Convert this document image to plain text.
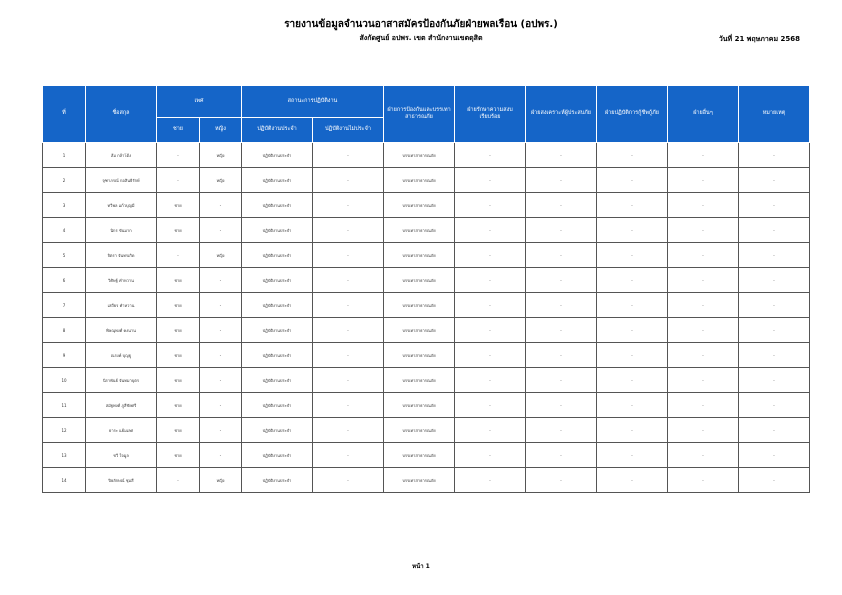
รายงานข้อมูลจำนวนอาสาสมัครป้องกันภัยฝ่ายพลเรือน (อปพร.)
สังกัดศูนย์ อปพร. เขต สำนักงานเขตดุสิต	วันที่ 21 พฤษภาคม 2568
ที่	ชื่อสกุล	เพศ		สถานะการปฏิบัติงาน		ฝ่ายการป้องกันและบรรเทาสาธารณภัย	ฝ่ายรักษาความสงบเรียบร้อย	ฝ่ายสงเคราะห์ผู้ประสบภัย	ฝ่ายปฏิบัติการกู้ชีพกู้ภัย	ฝ่ายอื่นๆ	หมายเหตุ
		ชาย	หญิง	ปฏิบัติงานประจำ	ปฏิบัติงานไม่ประจำ						
1	ส้ม กล้าโต้ง	-	หญิง	ปฏิบัติงานประจำ	-	บรรเทาสาธารณภัย	-	-	-	-	-
2	จุฑาภรณ์ กอสินธิรักษ์	-	หญิง	ปฏิบัติงานประจำ	-	บรรเทาสาธารณภัย	-	-	-	-	-
3	ทวีพล แก้วบุญมี	ชาย	-	ปฏิบัติงานประจำ	-	บรรเทาสาธารณภัย	-	-	-	-	-
4	นิกร ขันมาก	ชาย	-	ปฏิบัติงานประจำ	-	บรรเทาสาธารณภัย	-	-	-	-	-
5	จิตรา จันทรเกิด	-	หญิง	ปฏิบัติงานประจำ	-	บรรเทาสาธารณภัย	-	-	-	-	-
6	วิศิษฐ์ คำหวาน	ชาย	-	ปฏิบัติงานประจำ	-	บรรเทาสาธารณภัย	-	-	-	-	-
7	เสถียร คำหวาน	ชาย	-	ปฏิบัติงานประจำ	-	บรรเทาสาธารณภัย	-	-	-	-	-
8	พิษณุพงศ์ คงนาน	ชาย	-	ปฏิบัติงานประจำ	-	บรรเทาสาธารณภัย	-	-	-	-	-
9	ณรงค์ บุญธู	ชาย	-	ปฏิบัติงานประจำ	-	บรรเทาสาธารณภัย	-	-	-	-	-
10	นิราพันธ์ จันทมาบุตร	ชาย	-	ปฏิบัติงานประจำ	-	บรรเทาสาธารณภัย	-	-	-	-	-
11	สมัฐพงศ์ ภูสีชัยศรี	ชาย	-	ปฏิบัติงานประจำ	-	บรรเทาสาธารณภัย	-	-	-	-	-
12	ธาระ แย้มเลศ	ชาย	-	ปฏิบัติงานประจำ	-	บรรเทาสาธารณภัย	-	-	-	-	-
13	ชวี ใจมูล	ชาย	-	ปฏิบัติงานประจำ	-	บรรเทาสาธารณภัย	-	-	-	-	-
14	ปิยลักษณ์ ชุมสี	-	หญิง	ปฏิบัติงานประจำ	-	บรรเทาสาธารณภัย	-	-	-	-	-
หน้า 1
